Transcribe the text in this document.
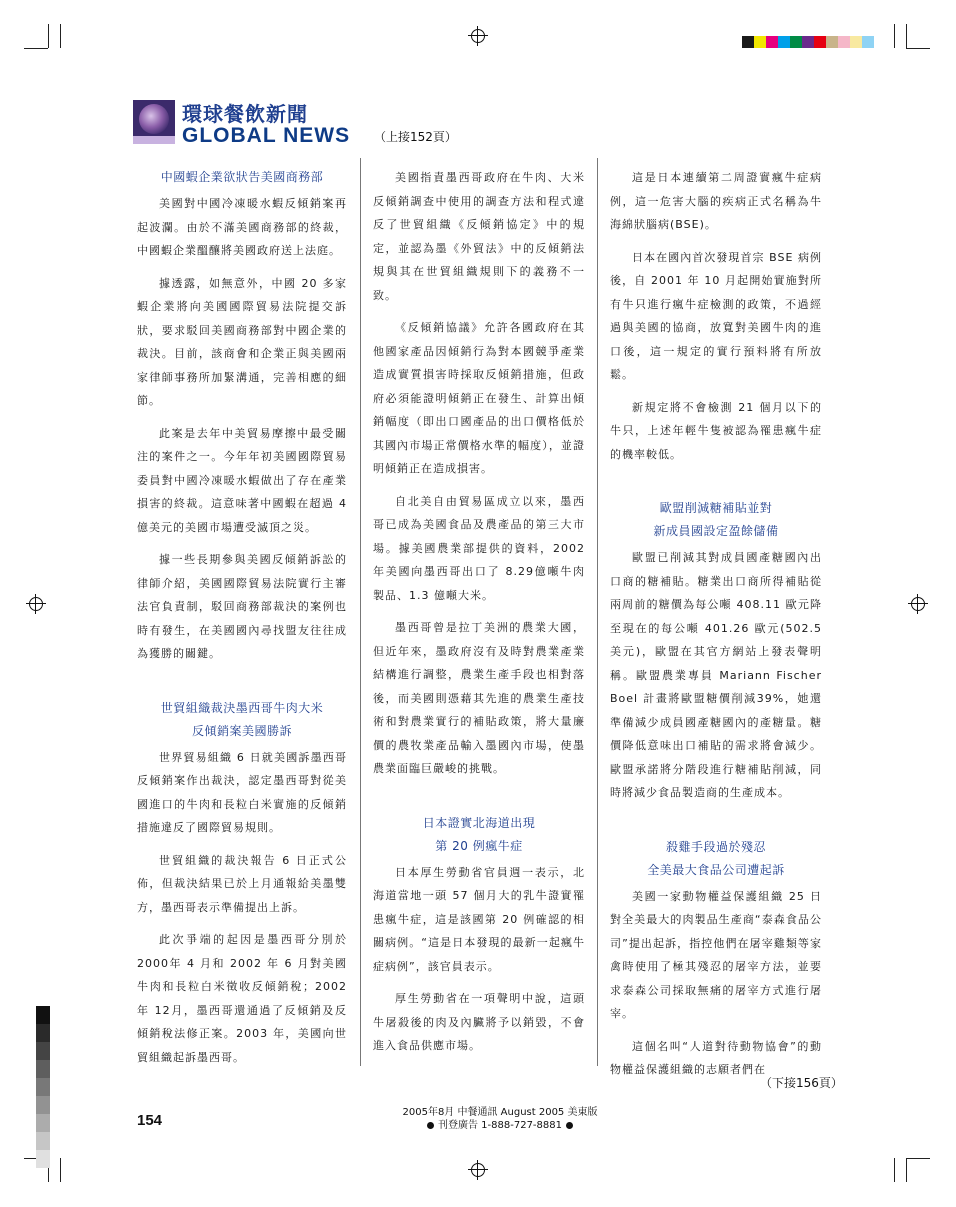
環球餐飲新聞
GLOBAL NEWS （上接152頁）
中國蝦企業欲狀告美國商務部

美國對中國冷凍暖水蝦反傾銷案再起波瀾。由於不滿美國商務部的終裁，中國蝦企業醞釀將美國政府送上法庭。

據透露，如無意外，中國 20 多家蝦企業將向美國國際貿易法院提交訴狀，要求駁回美國商務部對中國企業的裁決。目前，該商會和企業正與美國兩家律師事務所加緊溝通，完善相應的細節。

此案是去年中美貿易摩擦中最受關注的案件之一。今年年初美國國際貿易委員對中國冷凍暖水蝦做出了存在產業損害的終裁。這意味著中國蝦在超過 4 億美元的美國市場遭受滅頂之災。

據一些長期參與美國反傾銷訴訟的律師介紹，美國國際貿易法院實行主審法官負責制，駁回商務部裁決的案例也時有發生，在美國國內尋找盟友往往成為獲勝的關鍵。

世貿組織裁決墨西哥牛肉大米
反傾銷案美國勝訴

世界貿易組織 6 日就美國訴墨西哥反傾銷案作出裁決，認定墨西哥對從美國進口的牛肉和長粒白米實施的反傾銷措施違反了國際貿易規則。

世貿組織的裁決報告 6 日正式公佈，但裁決結果已於上月通報給美墨雙方，墨西哥表示準備提出上訴。

此次爭端的起因是墨西哥分別於2000年 4 月和 2002 年 6 月對美國牛肉和長粒白米徵收反傾銷稅；2002年 12月，墨西哥還通過了反傾銷及反傾銷稅法修正案。2003 年，美國向世貿組織起訴墨西哥。

美國指責墨西哥政府在牛肉、大米反傾銷調查中使用的調查方法和程式違反了世貿組織《反傾銷協定》中的規定，並認為墨《外貿法》中的反傾銷法規與其在世貿組織規則下的義務不一致。

《反傾銷協議》允許各國政府在其他國家產品因傾銷行為對本國競爭產業造成實質損害時採取反傾銷措施，但政府必須能證明傾銷正在發生、計算出傾銷幅度（即出口國產品的出口價格低於其國內市場正常價格水準的幅度），並證明傾銷正在造成損害。

自北美自由貿易區成立以來，墨西哥已成為美國食品及農產品的第三大市場。據美國農業部提供的資料，2002 年美國向墨西哥出口了 8.29億噸牛肉製品、1.3 億噸大米。

墨西哥曾是拉丁美洲的農業大國，但近年來，墨政府沒有及時對農業產業結構進行調整，農業生產手段也相對落後，而美國則憑藉其先進的農業生產技術和對農業實行的補貼政策，將大量廉價的農牧業產品輸入墨國內市場，使墨農業面臨巨嚴峻的挑戰。

日本證實北海道出現
第 20 例瘋牛症

日本厚生勞動省官員週一表示，北海道當地一頭 57 個月大的乳牛證實罹患瘋牛症，這是該國第 20 例確認的相關病例。“這是日本發現的最新一起瘋牛症病例”，該官員表示。

厚生勞動省在一項聲明中說，這頭牛屠殺後的肉及內臟將予以銷毀，不會進入食品供應市場。

這是日本連續第二周證實瘋牛症病例，這一危害大腦的疾病正式名稱為牛海綿狀腦病(BSE)。

日本在國內首次發現首宗 BSE 病例後，自 2001 年 10 月起開始實施對所有牛只進行瘋牛症檢測的政策，不過經過與美國的協商，放寬對美國牛肉的進口後，這一規定的實行預料將有所放鬆。

新規定將不會檢測 21 個月以下的牛只，上述年輕牛隻被認為罹患瘋牛症的機率較低。

歐盟削減糖補貼並對
新成員國設定盈餘儲備

歐盟已削減其對成員國產糖國內出口商的糖補貼。糖業出口商所得補貼從兩周前的糖價為每公噸 408.11 歐元降至現在的每公噸 401.26 歐元(502.5 美元)，歐盟在其官方網站上發表聲明稱。歐盟農業專員 Mariann Fischer Boel 計畫將歐盟糖價削減39%，她還準備減少成員國產糖國內的產糖量。糖價降低意味出口補貼的需求將會減少。歐盟承諾將分階段進行糖補貼削減，同時將減少食品製造商的生產成本。

殺雞手段過於殘忍
全美最大食品公司遭起訴

美國一家動物權益保護組織 25 日對全美最大的肉製品生產商“泰森食品公司”提出起訴，指控他們在屠宰雞類等家禽時使用了極其殘忍的屠宰方法，並要求泰森公司採取無痛的屠宰方式進行屠宰。

這個名叫“人道對待動物協會”的動物權益保護組織的志願者們在

（下接156頁）
154	2005年8月 中餐通訊 August 2005 美東版
刊登廣告 1-888-727-8881
